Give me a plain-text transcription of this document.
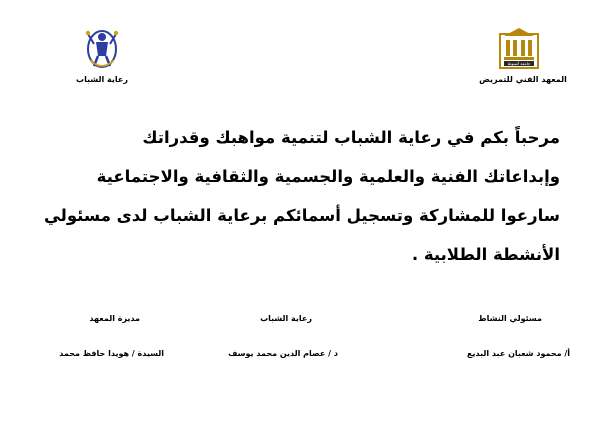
جامعة أسيوط
رعاية الشباب	المعهد الفني للتمريض
مرحباً بكم في رعاية الشباب لتنمية مواهبك وقدراتك
وإبداعاتك الفنية والعلمية والجسمية والثقافية والاجتماعية
سارعوا للمشاركة وتسجيل أسمائكم برعاية الشباب لدى مسئولي
الأنشطة الطلابية .
مسئولي النشاط
رعاية الشباب
مديرة المعهد
أ/ محمود شعبان عبد البديع
د / عصام الدين محمد يوسف
السيدة / هويدا حافظ محمد
